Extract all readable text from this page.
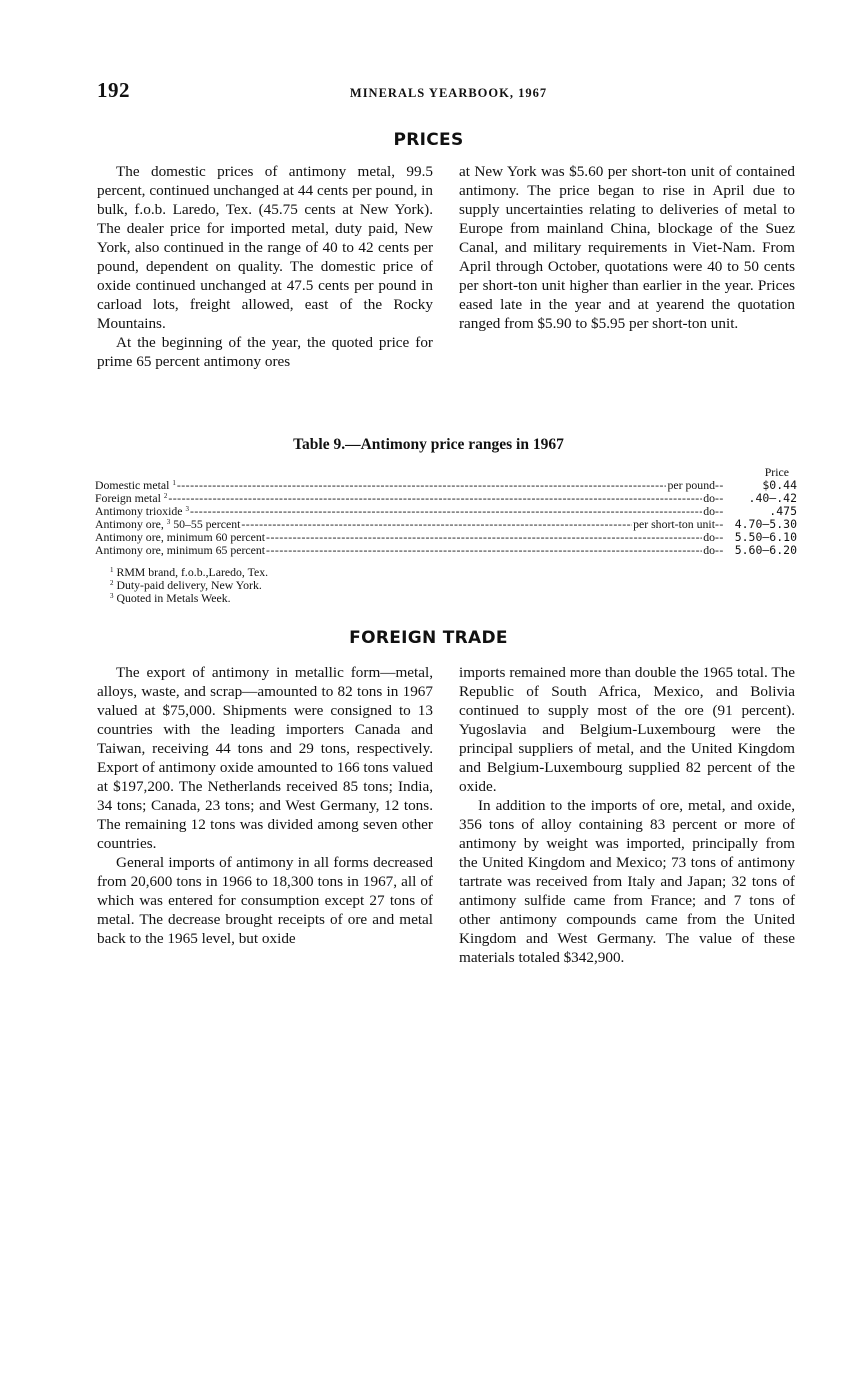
192	MINERALS YEARBOOK, 1967
PRICES

The domestic prices of antimony metal, 99.5 percent, continued unchanged at 44 cents per pound, in bulk, f.o.b. Laredo, Tex. (45.75 cents at New York). The dealer price for imported metal, duty paid, New York, also continued in the range of 40 to 42 cents per pound, dependent on quality. The domestic price of oxide continued unchanged at 47.5 cents per pound in carload lots, freight allowed, east of the Rocky Mountains.

At the beginning of the year, the quoted price for prime 65 percent antimony ores

at New York was $5.60 per short-ton unit of contained antimony. The price began to rise in April due to supply uncertainties relating to deliveries of metal to Europe from mainland China, blockage of the Suez Canal, and military requirements in Viet-Nam. From April through October, quotations were 40 to 50 cents per short-ton unit higher than earlier in the year. Prices eased late in the year and at yearend the quotation ranged from $5.90 to $5.95 per short-ton unit.

Table 9.—Antimony price ranges in 1967
Price
Domestic metal $^1$ -----	per pound --	$0.44
Foreign metal $^2$ -----	do --	.40–.42
Antimony trioxide $^3$ -----	do --	.475
Antimony ore, $^3$ 50–55 percent -----	per short-ton unit --	4.70–5.30
Antimony ore, minimum 60 percent -----	do --	5.50–6.10
Antimony ore, minimum 65 percent -----	do --	5.60–6.20
$^1$ RMM brand, f.o.b.,Laredo, Tex.
$^2$ Duty-paid delivery, New York.
$^3$ Quoted in Metals Week.
FOREIGN TRADE

The export of antimony in metallic form—metal, alloys, waste, and scrap—amounted to 82 tons in 1967 valued at $75,000. Shipments were consigned to 13 countries with the leading importers Canada and Taiwan, receiving 44 tons and 29 tons, respectively. Export of antimony oxide amounted to 166 tons valued at $197,200. The Netherlands received 85 tons; India, 34 tons; Canada, 23 tons; and West Germany, 12 tons. The remaining 12 tons was divided among seven other countries.

General imports of antimony in all forms decreased from 20,600 tons in 1966 to 18,300 tons in 1967, all of which was entered for consumption except 27 tons of metal. The decrease brought receipts of ore and metal back to the 1965 level, but oxide

imports remained more than double the 1965 total. The Republic of South Africa, Mexico, and Bolivia continued to supply most of the ore (91 percent). Yugoslavia and Belgium-Luxembourg were the principal suppliers of metal, and the United Kingdom and Belgium-Luxembourg supplied 82 percent of the oxide.

In addition to the imports of ore, metal, and oxide, 356 tons of alloy containing 83 percent or more of antimony by weight was imported, principally from the United Kingdom and Mexico; 73 tons of antimony tartrate was received from Italy and Japan; 32 tons of antimony sulfide came from France; and 7 tons of other antimony compounds came from the United Kingdom and West Germany. The value of these materials totaled $342,900.
